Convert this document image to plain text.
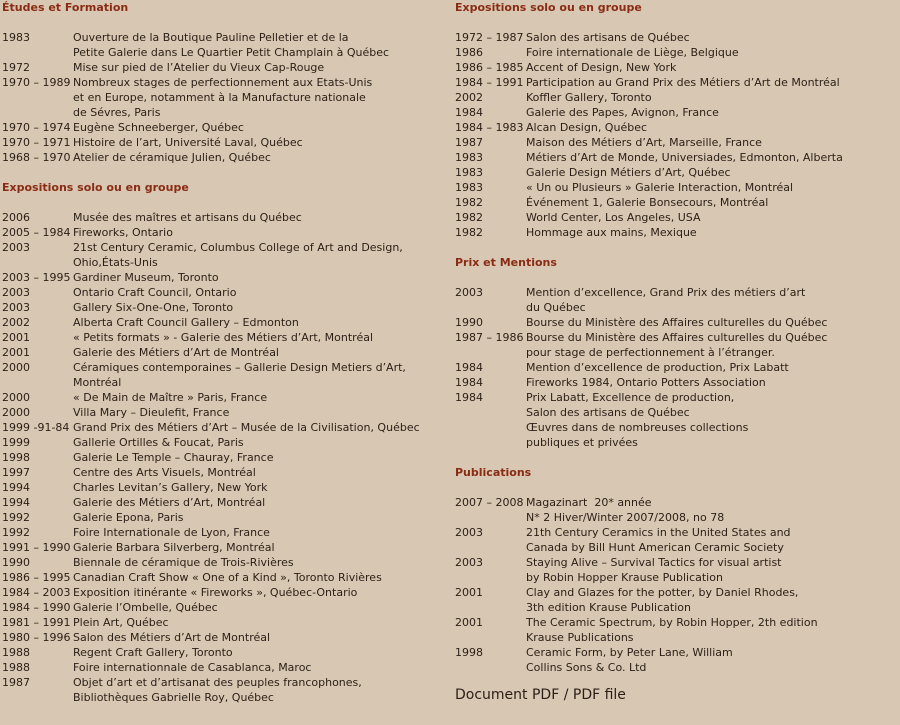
Études et Formation
1983	Ouverture de la Boutique Pauline Pelletier et de la
Petite Galerie dans Le Quartier Petit Champlain à Québec
1972	Mise sur pied de l’Atelier du Vieux Cap-Rouge
1970 – 1989 Nombreux stages de perfectionnement aux Etats-Unis
et en Europe, notamment à la Manufacture nationale
de Sévres, Paris
1970 – 1974 Eugène Schneeberger, Québec
1970 – 1971 Histoire de l’art, Université Laval, Québec
1968 – 1970 Atelier de céramique Julien, Québec
Expositions solo ou en groupe
2006	Musée des maîtres et artisans du Québec
2005 – 1984 Fireworks, Ontario
2003	21st Century Ceramic, Columbus College of Art and Design,
Ohio,États-Unis
2003 – 1995 Gardiner Museum, Toronto
2003	Ontario Craft Council, Ontario
2003	Gallery Six-One-One, Toronto
2002	Alberta Craft Council Gallery – Edmonton
2001	« Petits formats » - Galerie des Métiers d’Art, Montréal
2001	Galerie des Métiers d’Art de Montréal
2000	Céramiques contemporaines – Gallerie Design Metiers d’Art,
Montréal
2000	« De Main de Maître » Paris, France
2000	Villa Mary – Dieulefit, France
1999 -91-84 Grand Prix des Métiers d’Art – Musée de la Civilisation, Québec
1999	Gallerie Ortilles & Foucat, Paris
1998	Galerie Le Temple – Chauray, France
1997	Centre des Arts Visuels, Montréal
1994	Charles Levitan’s Gallery, New York
1994	Galerie des Métiers d’Art, Montréal
1992	Galerie Epona, Paris
1992	Foire Internationale de Lyon, France
1991 – 1990 Galerie Barbara Silverberg, Montréal
1990	Biennale de céramique de Trois-Rivières
1986 – 1995 Canadian Craft Show « One of a Kind », Toronto Rivières
1984 – 2003 Exposition itinérante « Fireworks », Québec-Ontario
1984 – 1990 Galerie l’Ombelle, Québec
1981 – 1991 Plein Art, Québec
1980 – 1996 Salon des Métiers d’Art de Montréal
1988	Regent Craft Gallery, Toronto
1988	Foire internationnale de Casablanca, Maroc
1987	Objet d’art et d’artisanat des peuples francophones,
Bibliothèques Gabrielle Roy, Québec
Expositions solo ou en groupe
1972 – 1987 Salon des artisans de Québec
1986	Foire internationale de Liège, Belgique
1986 – 1985 Accent of Design, New York
1984 – 1991 Participation au Grand Prix des Métiers d’Art de Montréal
2002	Koffler Gallery, Toronto
1984	Galerie des Papes, Avignon, France
1984 – 1983 Alcan Design, Québec
1987	Maison des Métiers d’Art, Marseille, France
1983	Métiers d’Art de Monde, Universiades, Edmonton, Alberta
1983	Galerie Design Métiers d’Art, Québec
1983	« Un ou Plusieurs » Galerie Interaction, Montréal
1982	Événement 1, Galerie Bonsecours, Montréal
1982	World Center, Los Angeles, USA
1982	Hommage aux mains, Mexique
Prix et Mentions
2003	Mention d’excellence, Grand Prix des métiers d’art
du Québec
1990	Bourse du Ministère des Affaires culturelles du Québec
1987 – 1986 Bourse du Ministère des Affaires culturelles du Québec
pour stage de perfectionnement à l’étranger.
1984	Mention d’excellence de production, Prix Labatt
1984	Fireworks 1984, Ontario Potters Association
1984	Prix Labatt, Excellence de production,
Salon des artisans de Québec
Œuvres dans de nombreuses collections
publiques et privées
Publications
2007 – 2008 Magazinart  20* année
N* 2 Hiver/Winter 2007/2008, no 78
2003	21th Century Ceramics in the United States and
Canada by Bill Hunt American Ceramic Society
2003	Staying Alive – Survival Tactics for visual artist
by Robin Hopper Krause Publication
2001	Clay and Glazes for the potter, by Daniel Rhodes,
3th edition Krause Publication
2001	The Ceramic Spectrum, by Robin Hopper, 2th edition
Krause Publications
1998	Ceramic Form, by Peter Lane, William
Collins Sons & Co. Ltd
Document PDF / PDF file
